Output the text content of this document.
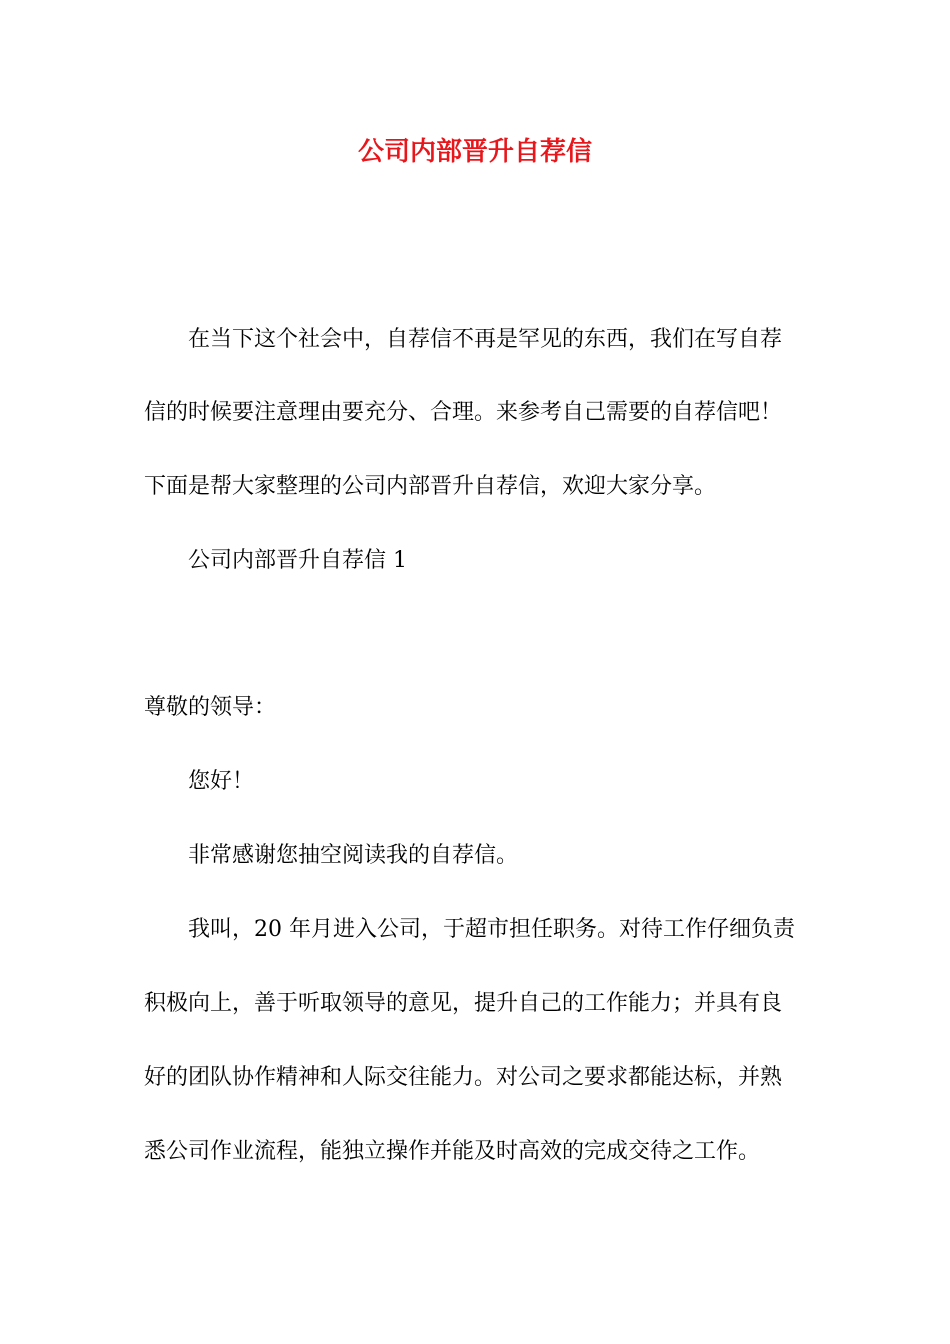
公司内部晋升自荐信
在当下这个社会中，自荐信不再是罕见的东西，我们在写自荐
信的时候要注意理由要充分、合理。来参考自己需要的自荐信吧！
下面是帮大家整理的公司内部晋升自荐信，欢迎大家分享。
公司内部晋升自荐信 1
尊敬的领导：
您好！
非常感谢您抽空阅读我的自荐信。
我叫，20 年月进入公司，于超市担任职务。对待工作仔细负责
积极向上，善于听取领导的意见，提升自己的工作能力；并具有良
好的团队协作精神和人际交往能力。对公司之要求都能达标，并熟
悉公司作业流程，能独立操作并能及时高效的完成交待之工作。
